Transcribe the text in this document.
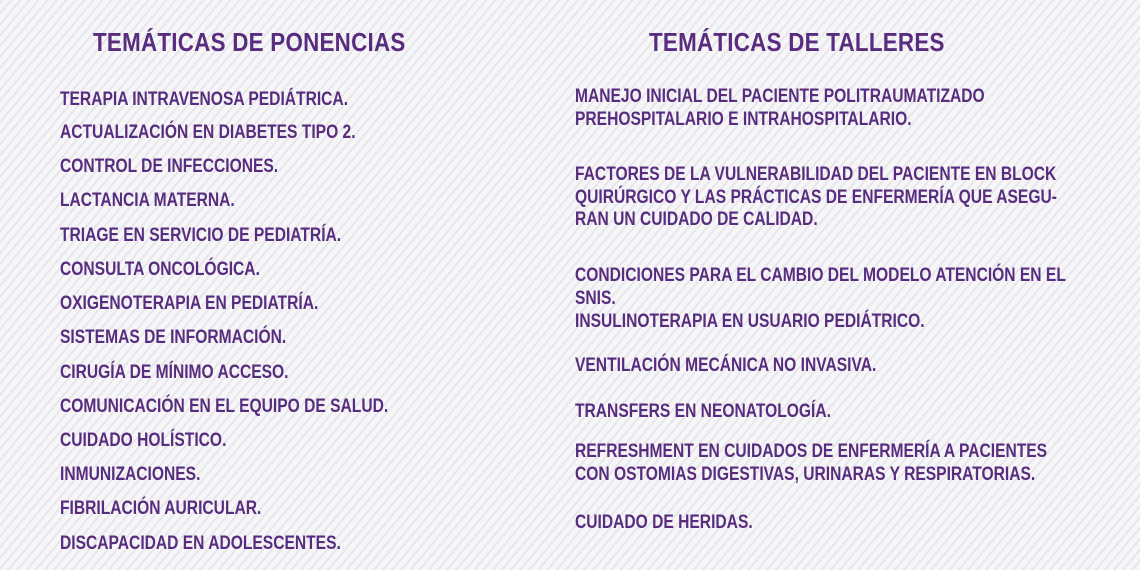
TEMÁTICAS DE PONENCIAS

TERAPIA INTRAVENOSA PEDIÁTRICA.

ACTUALIZACIÓN EN DIABETES TIPO 2.

CONTROL DE INFECCIONES.

LACTANCIA MATERNA.

TRIAGE EN SERVICIO DE PEDIATRÍA.

CONSULTA ONCOLÓGICA.

OXIGENOTERAPIA EN PEDIATRÍA.

SISTEMAS DE INFORMACIÓN.

CIRUGÍA DE MÍNIMO ACCESO.

COMUNICACIÓN EN EL EQUIPO DE SALUD.

CUIDADO HOLÍSTICO.

INMUNIZACIONES.

FIBRILACIÓN AURICULAR.

DISCAPACIDAD EN ADOLESCENTES.

TEMÁTICAS DE TALLERES

MANEJO INICIAL DEL PACIENTE POLITRAUMATIZADO
PREHOSPITALARIO E INTRAHOSPITALARIO.

FACTORES DE LA VULNERABILIDAD DEL PACIENTE EN BLOCK
QUIRÚRGICO Y LAS PRÁCTICAS DE ENFERMERÍA QUE ASEGU-
RAN UN CUIDADO DE CALIDAD.

CONDICIONES PARA EL CAMBIO DEL MODELO ATENCIÓN EN EL SNIS.

INSULINOTERAPIA EN USUARIO PEDIÁTRICO.

VENTILACIÓN MECÁNICA NO INVASIVA.

TRANSFERS EN NEONATOLOGÍA.

REFRESHMENT EN CUIDADOS DE ENFERMERÍA A PACIENTES
CON OSTOMIAS DIGESTIVAS, URINARAS Y RESPIRATORIAS.

CUIDADO DE HERIDAS.
